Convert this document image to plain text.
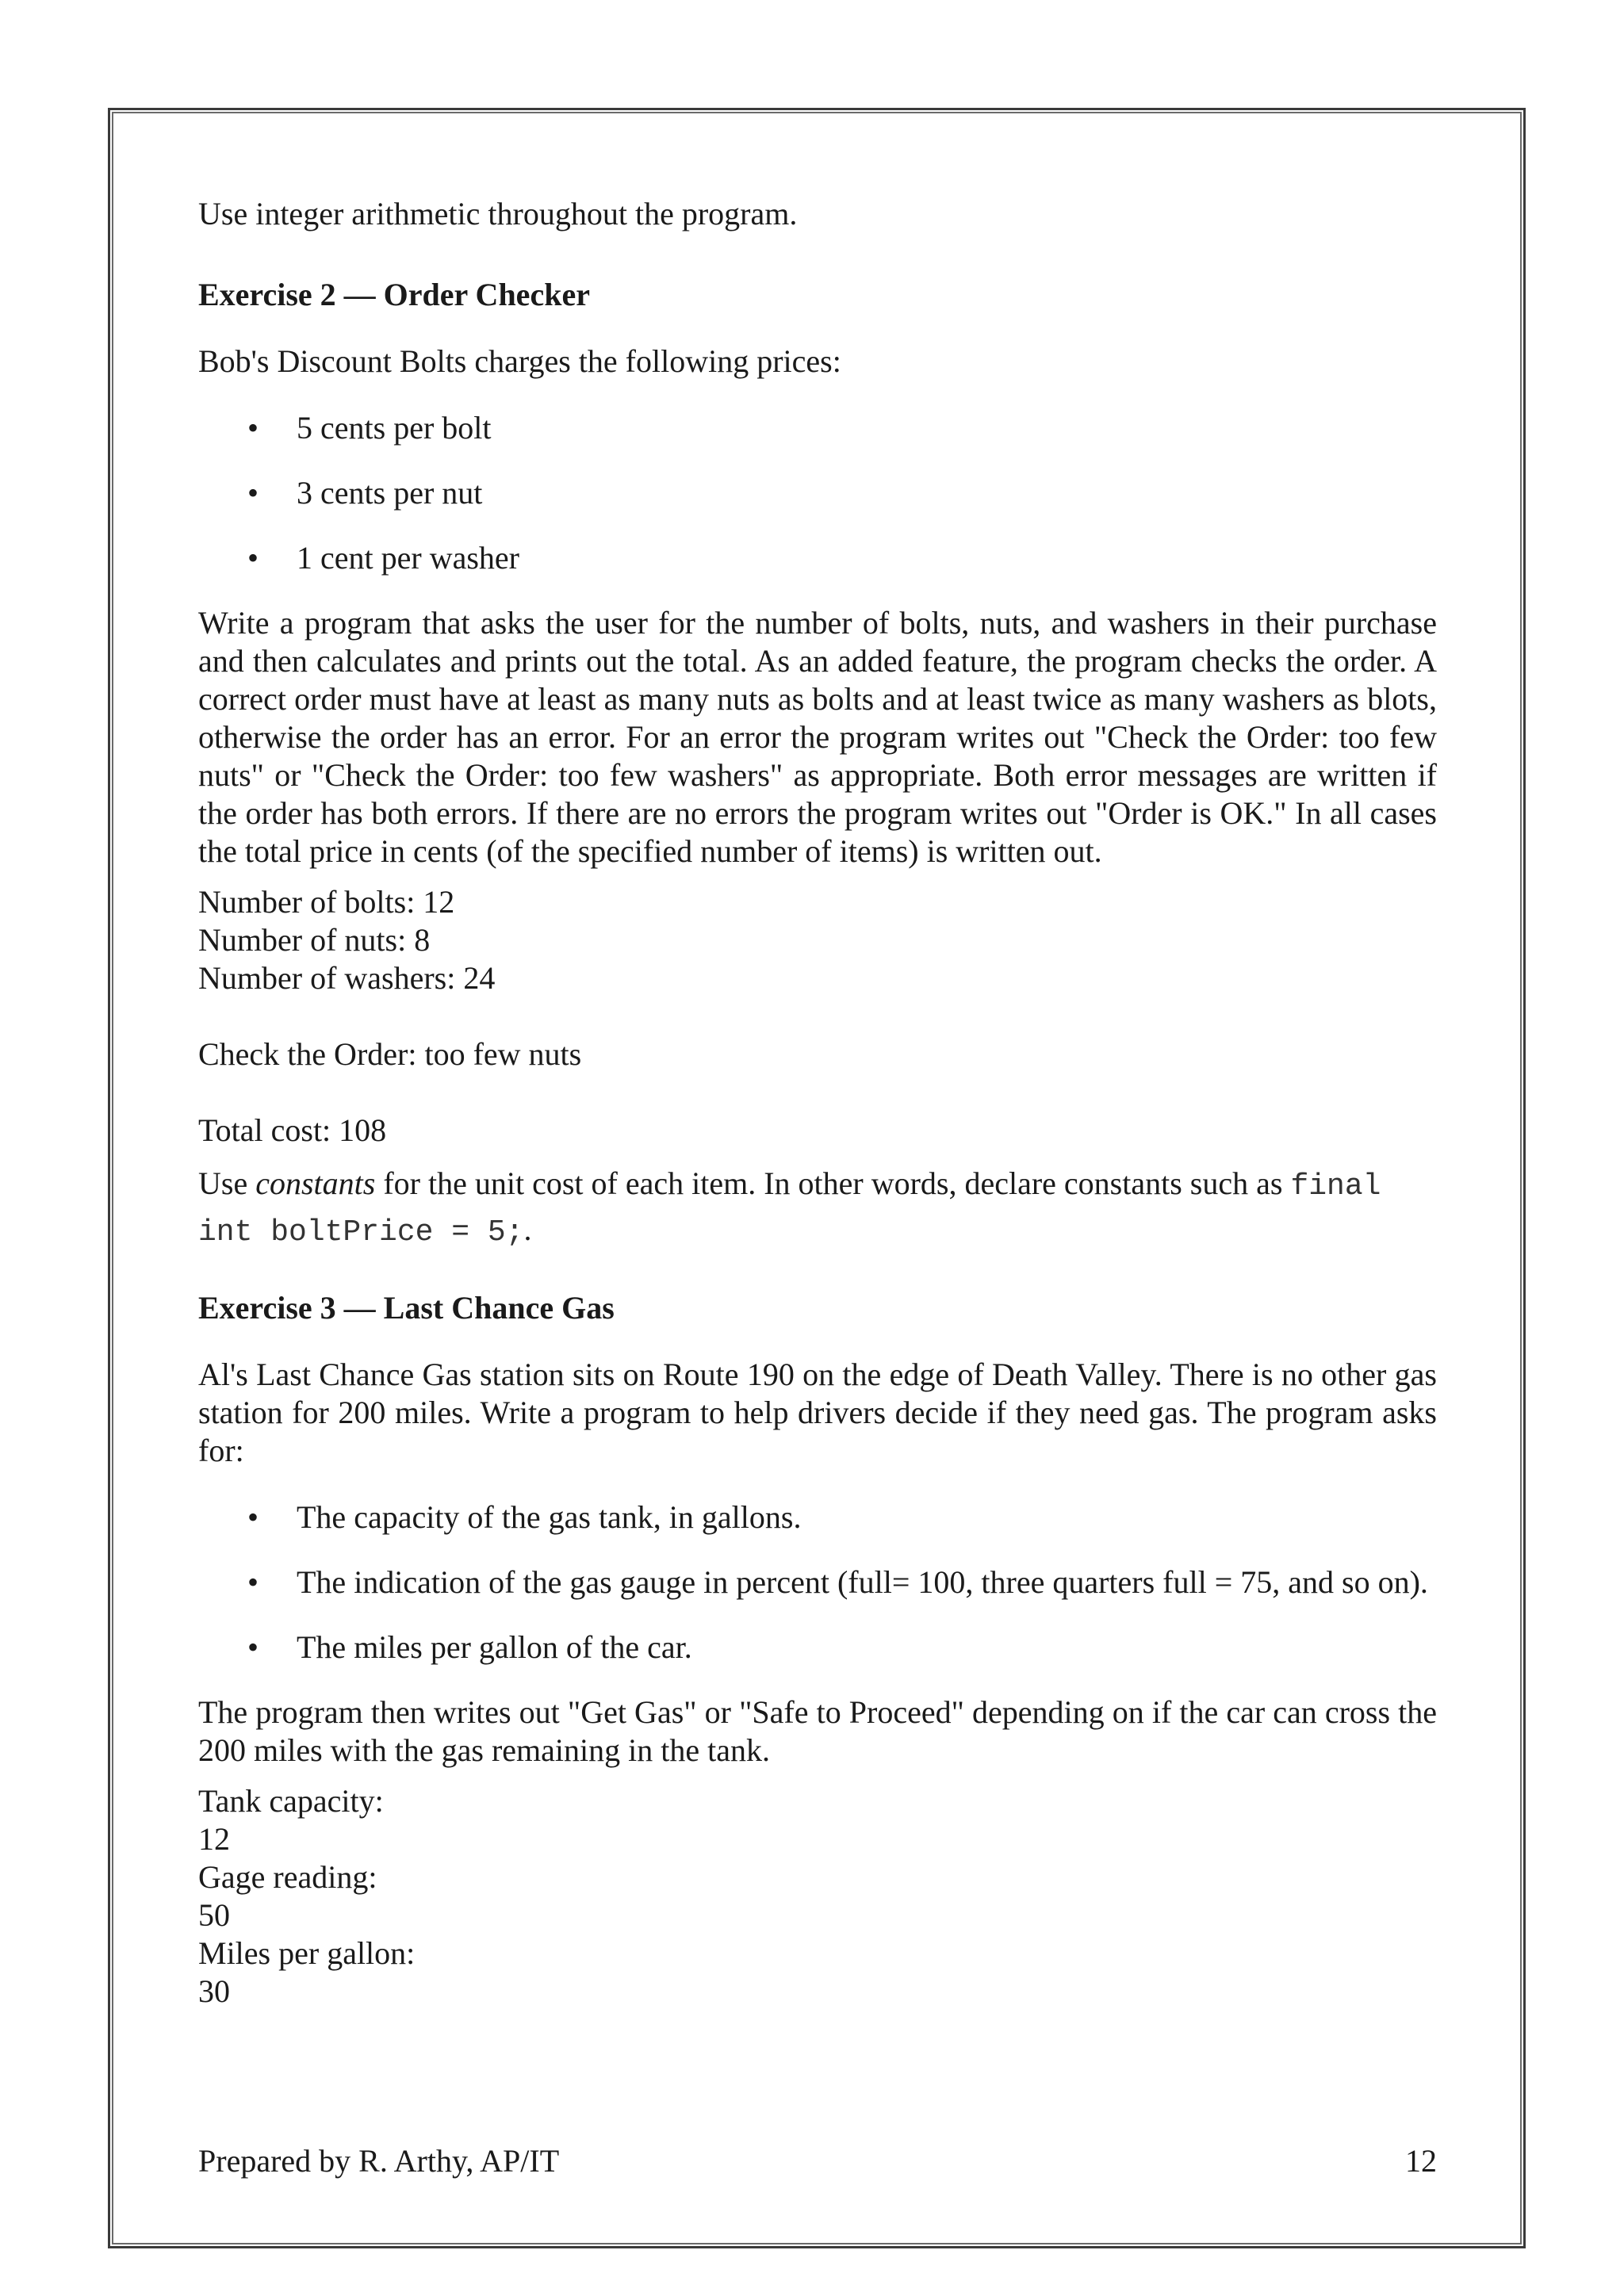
Use integer arithmetic throughout the program.

Exercise 2 — Order Checker

Bob's Discount Bolts charges the following prices:

• 5 cents per bolt
• 3 cents per nut
• 1 cent per washer

Write a program that asks the user for the number of bolts, nuts, and washers in their purchase and then calculates and prints out the total. As an added feature, the program checks the order. A correct order must have at least as many nuts as bolts and at least twice as many washers as blots, otherwise the order has an error. For an error the program writes out "Check the Order: too few nuts" or "Check the Order: too few washers" as appropriate. Both error messages are written if the order has both errors. If there are no errors the program writes out "Order is OK." In all cases the total price in cents (of the specified number of items) is written out.

Number of bolts: 12

Number of nuts: 8

Number of washers: 24

Check the Order: too few nuts

Total cost: 108

Use constants for the unit cost of each item. In other words, declare constants such as final int boltPrice = 5;.

Exercise 3 — Last Chance Gas

Al's Last Chance Gas station sits on Route 190 on the edge of Death Valley. There is no other gas station for 200 miles. Write a program to help drivers decide if they need gas. The program asks for:

• The capacity of the gas tank, in gallons.
• The indication of the gas gauge in percent (full= 100, three quarters full = 75, and so on).
• The miles per gallon of the car.

The program then writes out "Get Gas" or "Safe to Proceed" depending on if the car can cross the 200 miles with the gas remaining in the tank.

Tank capacity:

12

Gage reading:

50

Miles per gallon:

30

Prepared by R. Arthy, AP/IT	12
